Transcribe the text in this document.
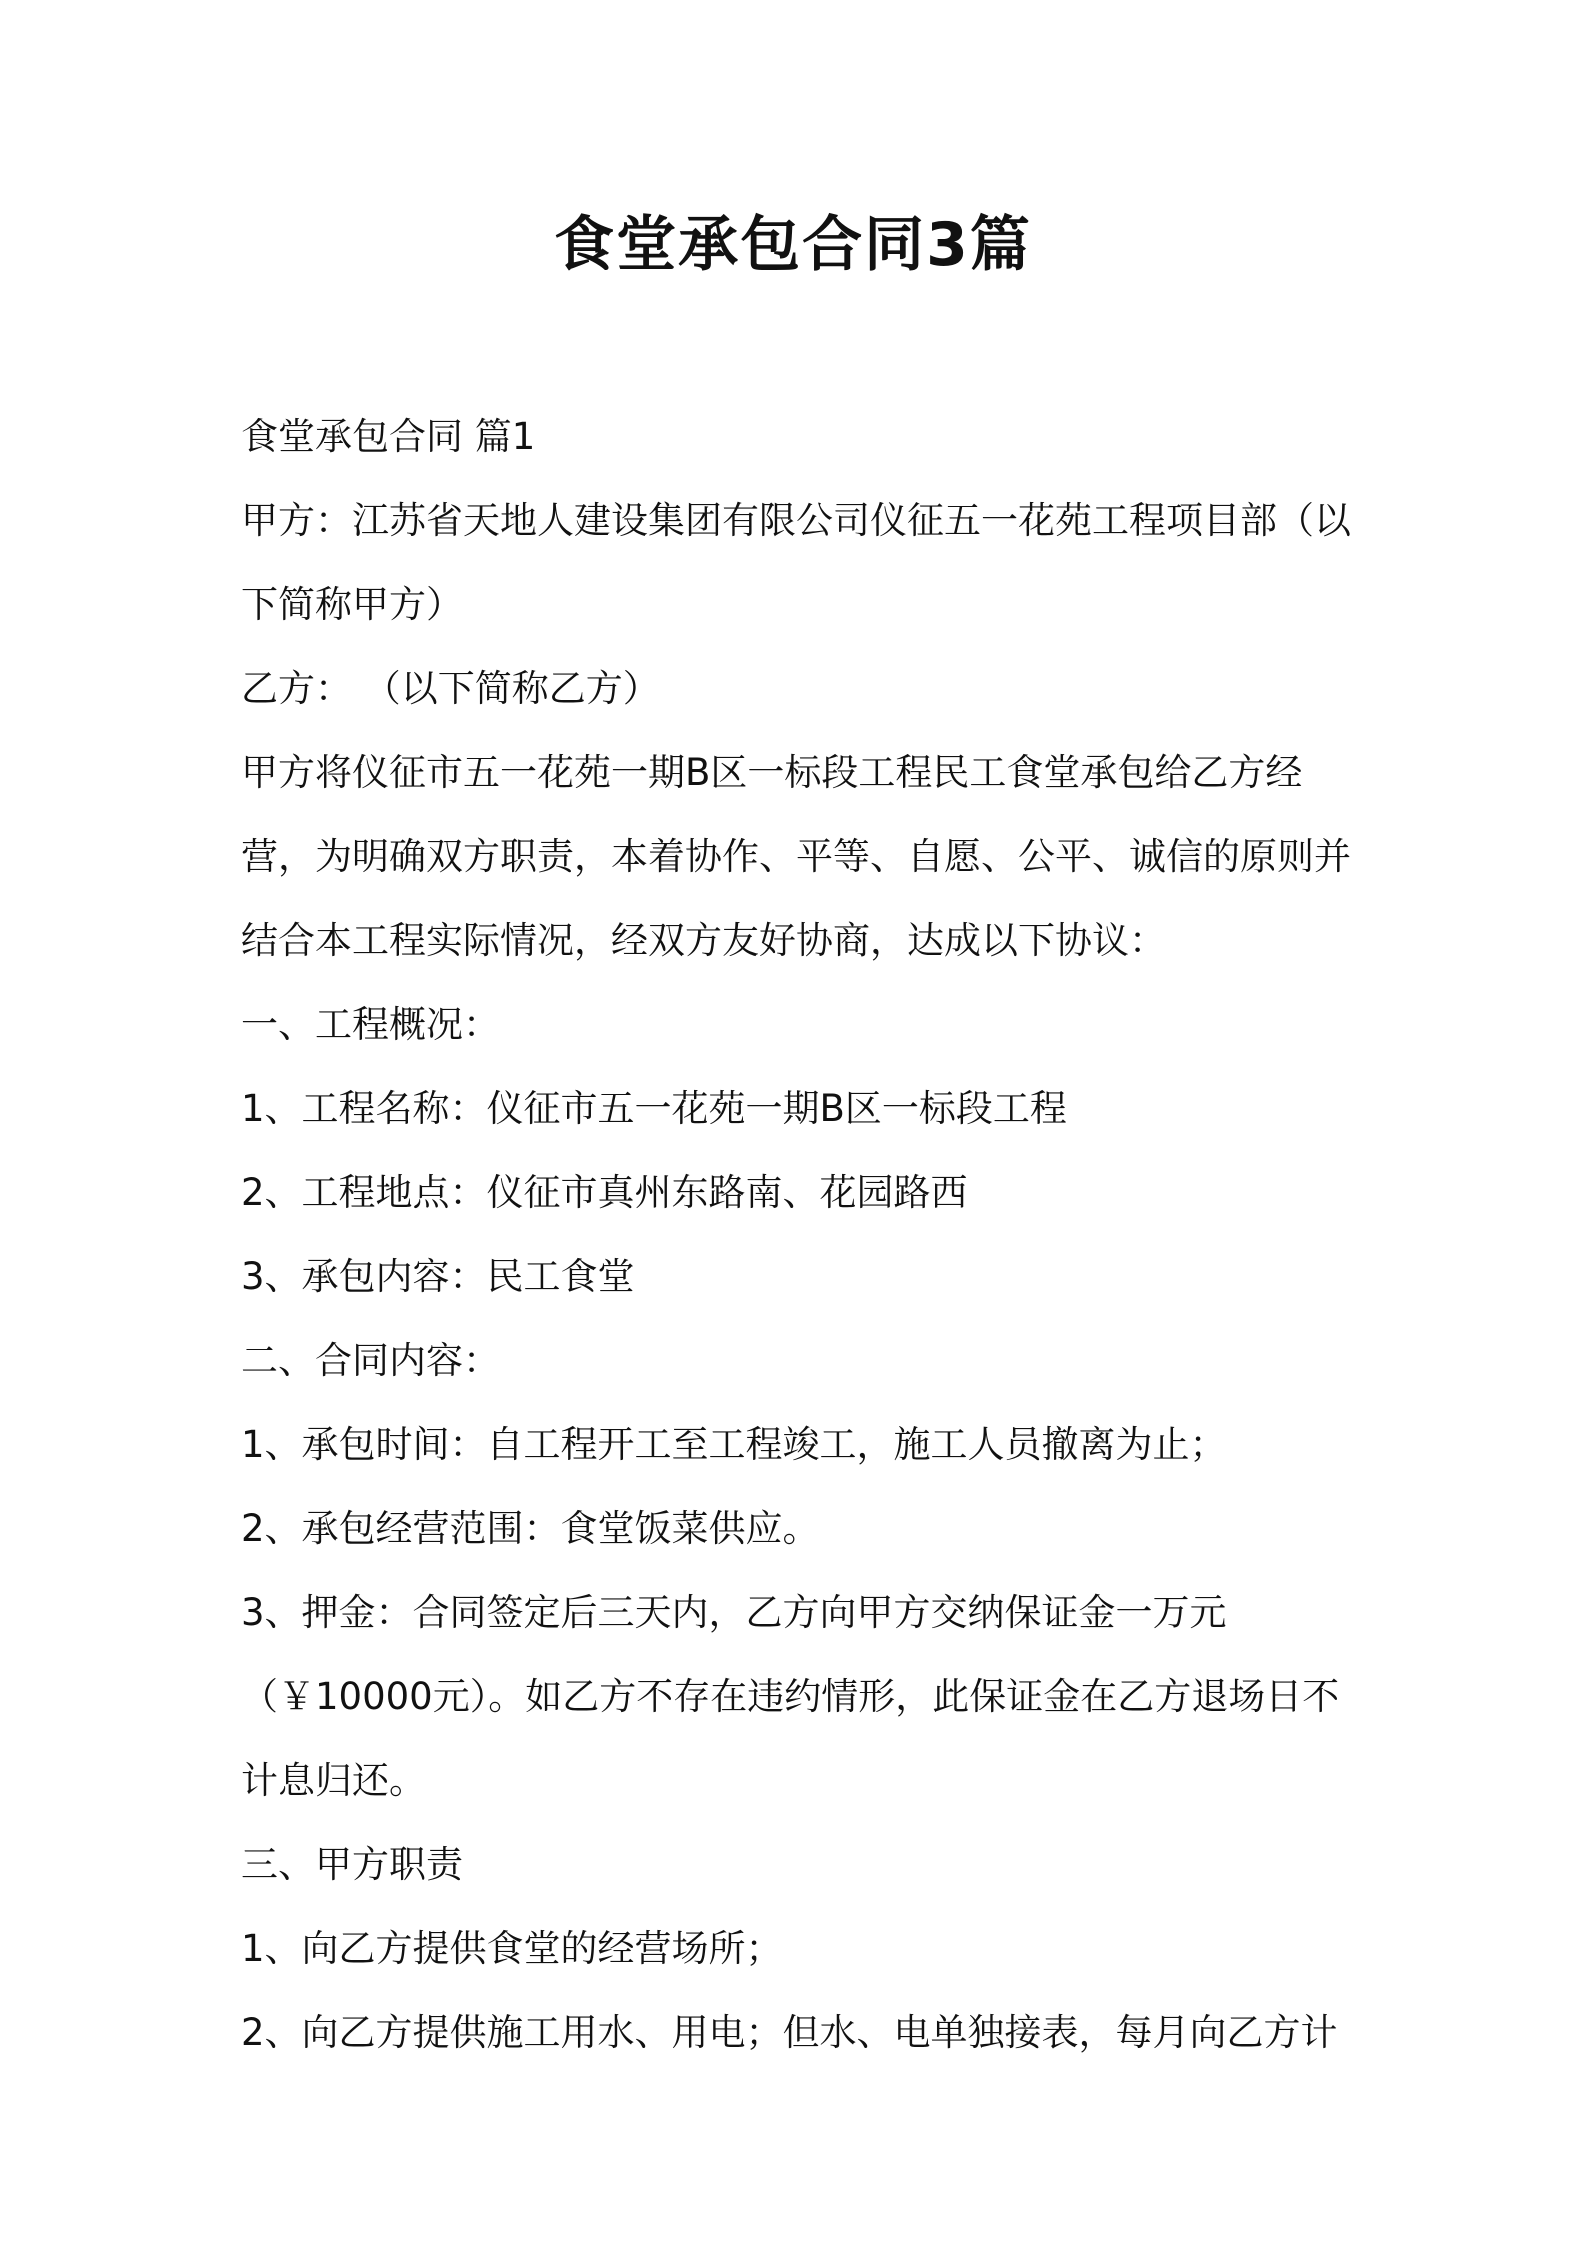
食堂承包合同3篇

食堂承包合同 篇1

甲方：江苏省天地人建设集团有限公司仪征五一花苑工程项目部（以下简称甲方）

乙方： （以下简称乙方）

甲方将仪征市五一花苑一期B区一标段工程民工食堂承包给乙方经营，为明确双方职责，本着协作、平等、自愿、公平、诚信的原则并结合本工程实际情况，经双方友好协商，达成以下协议：

一、工程概况：

1、工程名称：仪征市五一花苑一期B区一标段工程

2、工程地点：仪征市真州东路南、花园路西

3、承包内容：民工食堂

二、合同内容：

1、承包时间：自工程开工至工程竣工，施工人员撤离为止；

2、承包经营范围：食堂饭菜供应。

3、押金：合同签定后三天内，乙方向甲方交纳保证金一万元（￥10000元）。如乙方不存在违约情形，此保证金在乙方退场日不计息归还。

三、甲方职责

1、向乙方提供食堂的经营场所；

2、向乙方提供施工用水、用电；但水、电单独接表，每月向乙方计
